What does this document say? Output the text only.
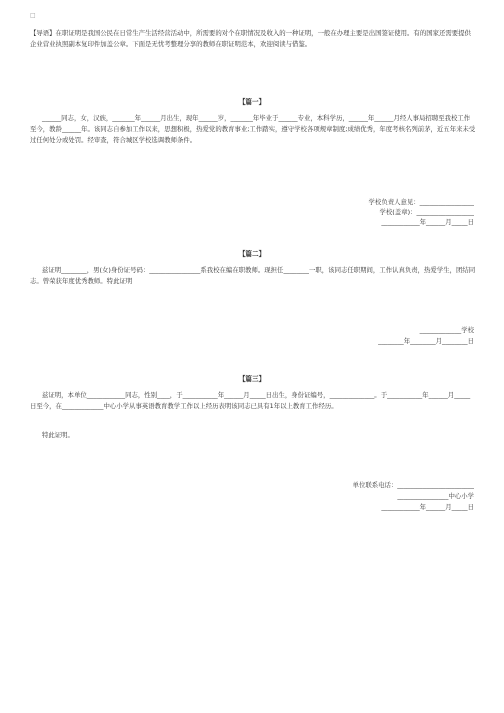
□

【导语】在职证明是我国公民在日常生产生活经营活动中，所需要的对个在职情况及收入的一种证明，一般在办理主要是出国签证使用。有的国家还需要提供企业营业执照副本复印件加盖公章。下面是无忧考整理分享的教师在职证明范本，欢迎阅读与借鉴。

【篇一】

______同志，女，汉族，_______年______月出生，现年______岁，_______年毕业于______专业，本科学历，______年______月经人事局招聘至我校工作至今，教龄______年。该同志自参加工作以来，思想积极，热爱党的教育事业;工作踏实，遵守学校各项规章制度;成绩优秀，年度考核名列前茅，近五年来未受过任何处分或处罚。经审查，符合城区学校选调教师条件。

学校负责人意见：_________________

学校(盖章)：__________________

____________年______月_____日

【篇二】

兹证明________，男(女)身份证号码：________________系我校在编在职教师。现担任________一职，该同志任职期间，工作认真负责，热爱学生，团结同志。曾荣获年度优秀教师。特此证明

_____________学校

________年________月________日

【篇三】

兹证明，本单位____________同志，性别____，于___________年______月_____日出生，身份证编号，______________。于___________年______月_____日至今，在_____________中心小学从事英语教育教学工作以上经历表明该同志已具有1年以上教育工作经历。

特此证明。

单位联系电话：________________________

________________中心小学

____________年______月_____日
